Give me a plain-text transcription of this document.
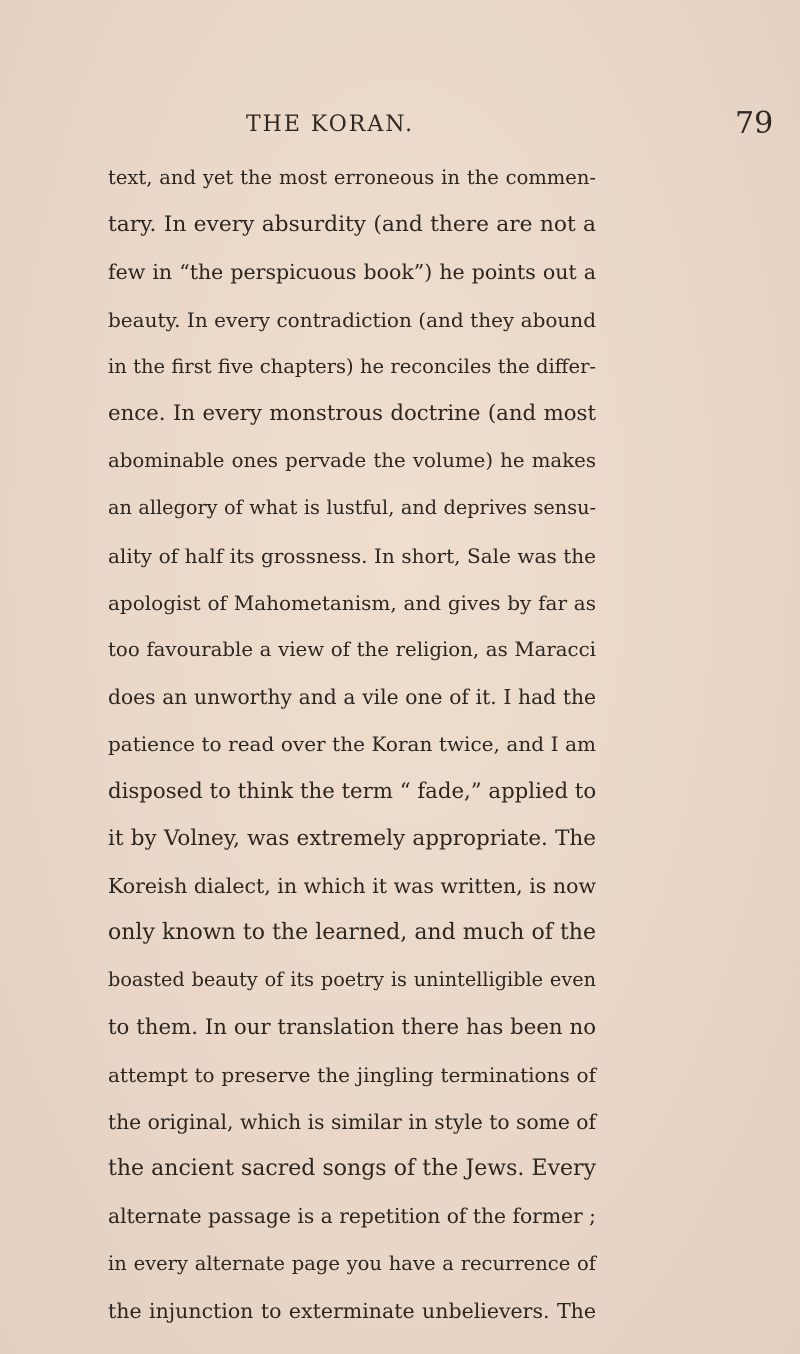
THE KORAN.	79
text, and yet the most erroneous in the commen-
tary. In every absurdity (and there are not a
few in “the perspicuous book”) he points out a
beauty. In every contradiction (and they abound
in the first five chapters) he reconciles the differ-
ence. In every monstrous doctrine (and most
abominable ones pervade the volume) he makes
an allegory of what is lustful, and deprives sensu-
ality of half its grossness. In short, Sale was the
apologist of Mahometanism, and gives by far as
too favourable a view of the religion, as Maracci
does an unworthy and a vile one of it. I had the
patience to read over the Koran twice, and I am
disposed to think the term “ fade,” applied to
it by Volney, was extremely appropriate. The
Koreish dialect, in which it was written, is now
only known to the learned, and much of the
boasted beauty of its poetry is unintelligible even
to them. In our translation there has been no
attempt to preserve the jingling terminations of
the original, which is similar in style to some of
the ancient sacred songs of the Jews. Every
alternate passage is a repetition of the former ;
in every alternate page you have a recurrence of
the injunction to exterminate unbelievers. The
